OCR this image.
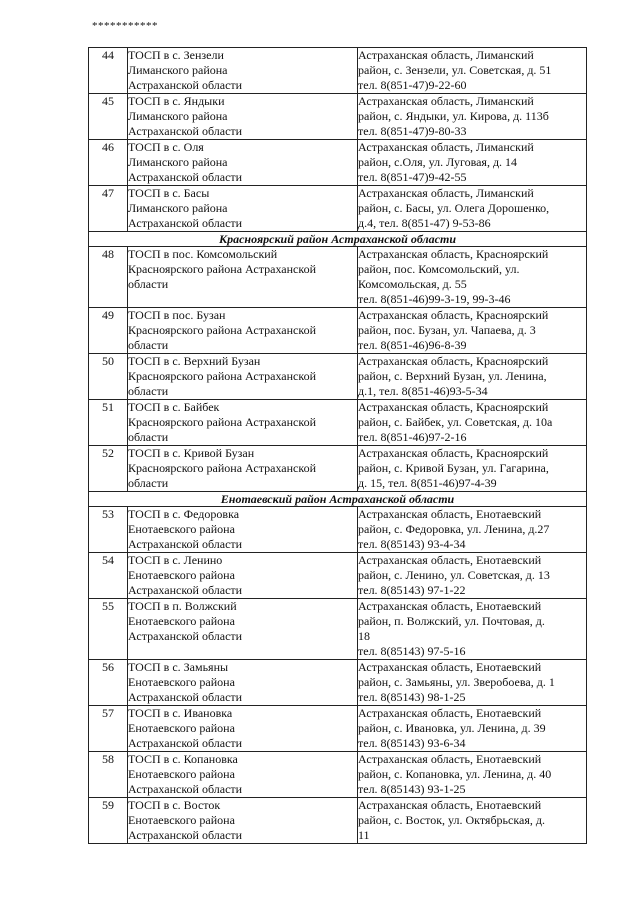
***********
44	ТОСП в с. Зензели
Лиманского района
Астраханской области	Астраханская область, Лиманский
район, с. Зензели, ул. Советская, д. 51
тел. 8(851-47)9-22-60

45	ТОСП в с. Яндыки
Лиманского района
Астраханской области	Астраханская область, Лиманский
район, с. Яндыки, ул. Кирова, д. 113б
тел. 8(851-47)9-80-33

46	ТОСП в с. Оля
Лиманского района
Астраханской области	Астраханская область, Лиманский
район, с.Оля, ул. Луговая, д. 14
тел. 8(851-47)9-42-55

47	ТОСП в с. Басы
Лиманского района
Астраханской области	Астраханская область, Лиманский
район, с. Басы, ул. Олега Дорошенко,
д.4, тел. 8(851-47) 9-53-86

Красноярский район Астраханской области		
48	ТОСП в пос. Комсомольский
Красноярского района Астраханской
области	Астраханская область, Красноярский
район, пос. Комсомольский, ул.
Комсомольская, д. 55
тел. 8(851-46)99-3-19, 99-3-46

49	ТОСП в пос. Бузан
Красноярского района Астраханской
области	Астраханская область, Красноярский
район, пос. Бузан, ул. Чапаева, д. 3
тел. 8(851-46)96-8-39

50	ТОСП в с. Верхний Бузан
Красноярского района Астраханской
области	Астраханская область, Красноярский
район, с. Верхний Бузан, ул. Ленина,
д.1, тел. 8(851-46)93-5-34

51	ТОСП в с. Байбек
Красноярского района Астраханской
области	Астраханская область, Красноярский
район, с. Байбек, ул. Советская, д. 10а
тел. 8(851-46)97-2-16

52	ТОСП в с. Кривой Бузан
Красноярского района Астраханской
области	Астраханская область, Красноярский
район, с. Кривой Бузан, ул. Гагарина,
д. 15, тел. 8(851-46)97-4-39

Енотаевский район Астраханской области		
53	ТОСП в с. Федоровка
Енотаевского района
Астраханской области	Астраханская область, Енотаевский
район, с. Федоровка, ул. Ленина, д.27
тел. 8(85143) 93-4-34

54	ТОСП в с. Ленино
Енотаевского района
Астраханской области	Астраханская область, Енотаевский
район, с. Ленино, ул. Советская, д. 13
тел. 8(85143) 97-1-22

55	ТОСП в п. Волжский
Енотаевского района
Астраханской области	Астраханская область, Енотаевский
район, п. Волжский, ул. Почтовая, д.
18
тел. 8(85143) 97-5-16

56	ТОСП в с. Замьяны
Енотаевского района
Астраханской области	Астраханская область, Енотаевский
район, с. Замьяны, ул. Зверобоева, д. 1
тел. 8(85143) 98-1-25

57	ТОСП в с. Ивановка
Енотаевского района
Астраханской области	Астраханская область, Енотаевский
район, с. Ивановка, ул. Ленина, д. 39
тел. 8(85143) 93-6-34

58	ТОСП в с. Копановка
Енотаевского района
Астраханской области	Астраханская область, Енотаевский
район, с. Копановка, ул. Ленина, д. 40
тел. 8(85143) 93-1-25

59	ТОСП в с. Восток
Енотаевского района
Астраханской области	Астраханская область, Енотаевский
район, с. Восток, ул. Октябрьская, д.
11
